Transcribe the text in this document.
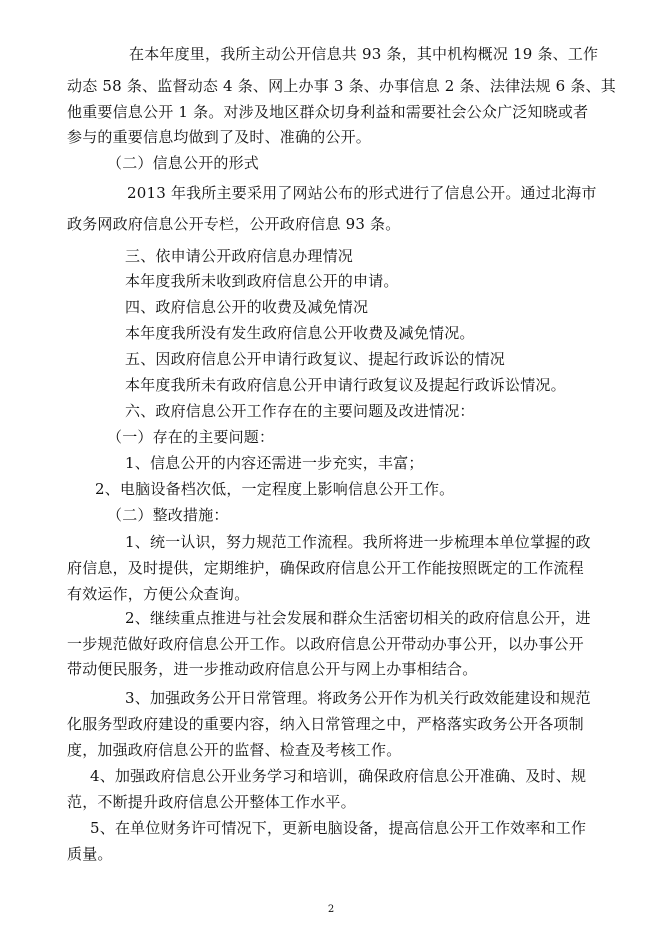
在本年度里，我所主动公开信息共 93 条，其中机构概况 19 条、工作
动态 58 条、监督动态 4 条、网上办事 3 条、办事信息 2 条、法律法规 6 条、其
他重要信息公开 1 条。对涉及地区群众切身利益和需要社会公众广泛知晓或者
参与的重要信息均做到了及时、准确的公开。
（二）信息公开的形式
2013 年我所主要采用了网站公布的形式进行了信息公开。通过北海市
政务网政府信息公开专栏，公开政府信息 93 条。
三、依申请公开政府信息办理情况
本年度我所未收到政府信息公开的申请。
四、政府信息公开的收费及减免情况
本年度我所没有发生政府信息公开收费及减免情况。
五、因政府信息公开申请行政复议、提起行政诉讼的情况
本年度我所未有政府信息公开申请行政复议及提起行政诉讼情况。
六、政府信息公开工作存在的主要问题及改进情况：
（一）存在的主要问题：
1、信息公开的内容还需进一步充实，丰富；
2、电脑设备档次低，一定程度上影响信息公开工作。
（二）整改措施：
1、统一认识，努力规范工作流程。我所将进一步梳理本单位掌握的政
府信息，及时提供，定期维护，确保政府信息公开工作能按照既定的工作流程
有效运作，方便公众查询。
2、继续重点推进与社会发展和群众生活密切相关的政府信息公开，进
一步规范做好政府信息公开工作。以政府信息公开带动办事公开，以办事公开
带动便民服务，进一步推动政府信息公开与网上办事相结合。
3、加强政务公开日常管理。将政务公开作为机关行政效能建设和规范
化服务型政府建设的重要内容，纳入日常管理之中，严格落实政务公开各项制
度，加强政府信息公开的监督、检查及考核工作。
4、加强政府信息公开业务学习和培训，确保政府信息公开准确、及时、规
范，不断提升政府信息公开整体工作水平。
5、在单位财务许可情况下，更新电脑设备，提高信息公开工作效率和工作
质量。
2
